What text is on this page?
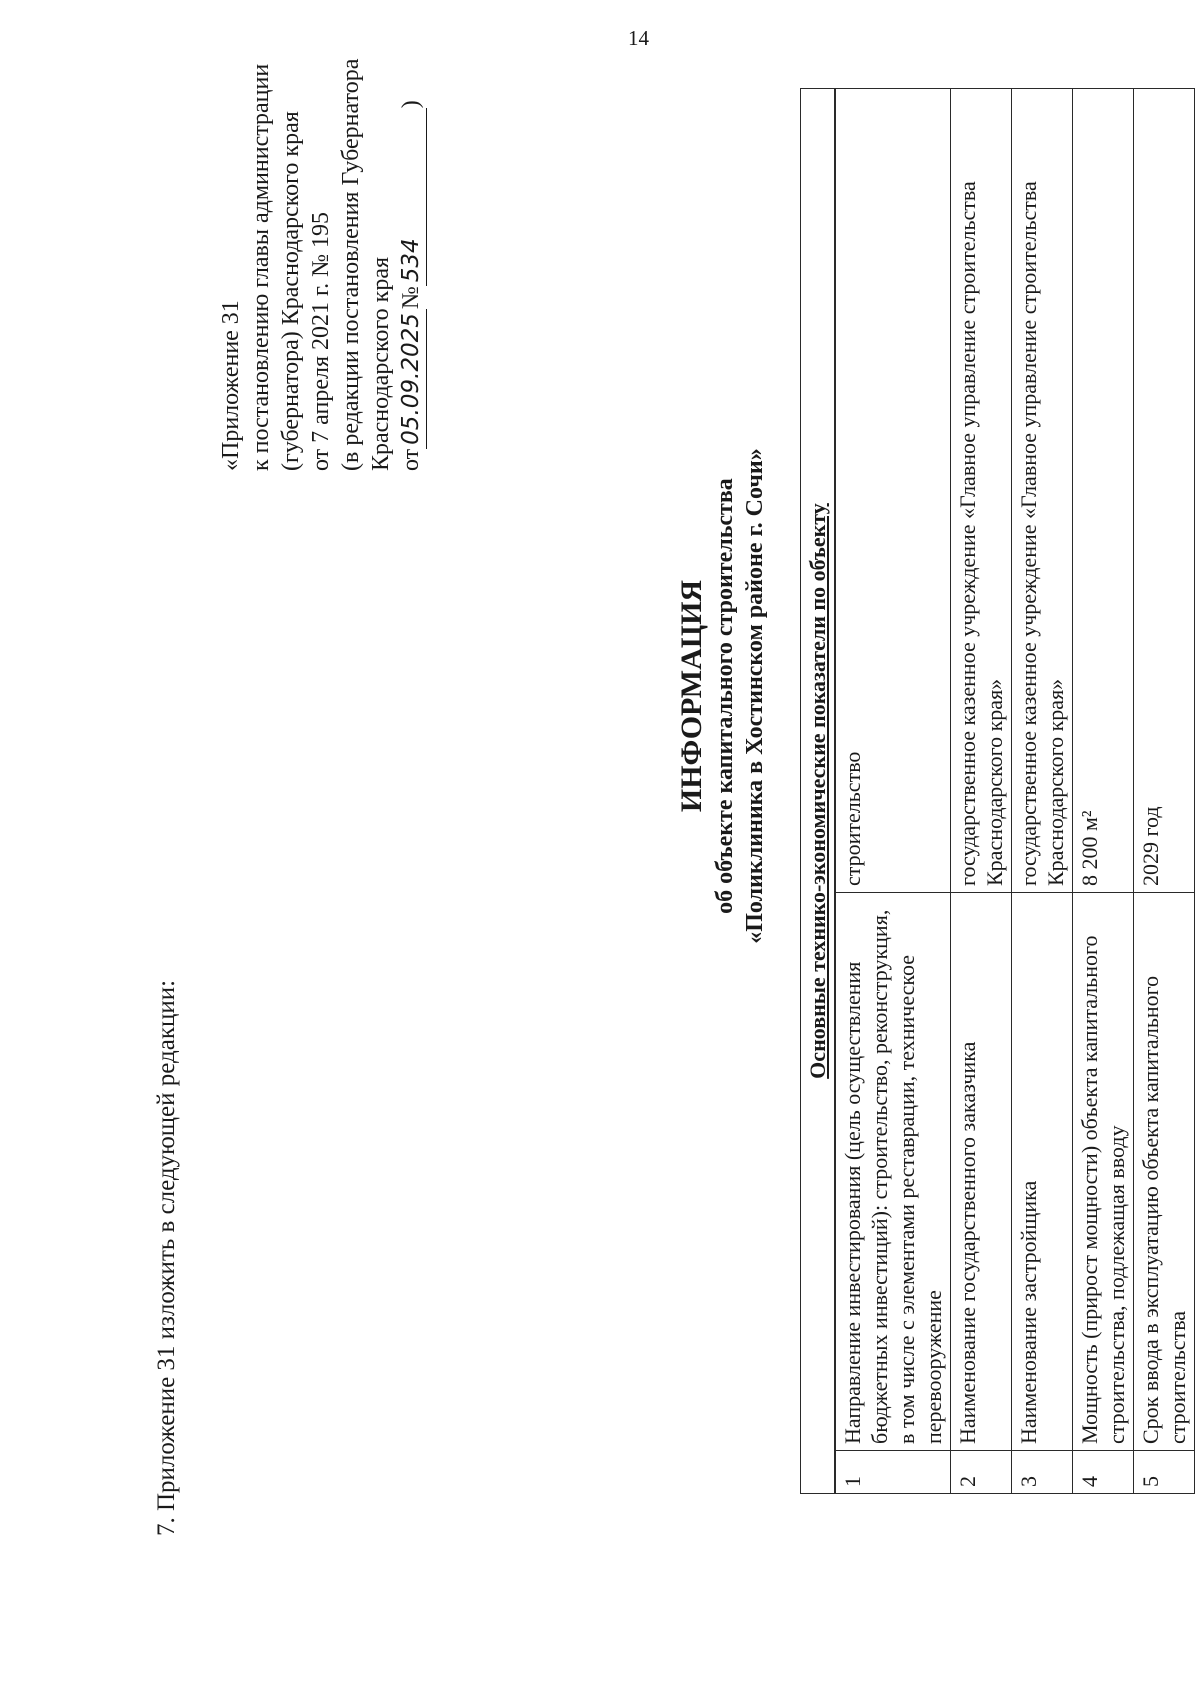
14

7. Приложение 31 изложить в следующей редакции:

«Приложение 31 к постановлению главы администрации (губернатора) Краснодарского края от 7 апреля 2021 г. № 195 (в редакции постановления Губернатора Краснодарского края от05.09.2025№534)
ИНФОРМАЦИЯ об объекте капитального строительства «Поликлиника в Хостинском районе г. Сочи» Основные технико-экономические показатели по объекту		

1	Направление инвестирования (цель осуществления бюджетных инвестиций): строительство, реконструкция, в том числе с элементами реставрации, техническое перевооружение	строительство
2	Наименование государственного заказчика	государственное казенное учреждение «Главное управление строительства Краснодарского края»
3	Наименование застройщика	государственное казенное учреждение «Главное управление строительства Краснодарского края»
4	Мощность (прирост мощности) объекта капитального строительства, подлежащая вводу	8 200 м²
5	Срок ввода в эксплуатацию объекта капитального строительства	2029 год
